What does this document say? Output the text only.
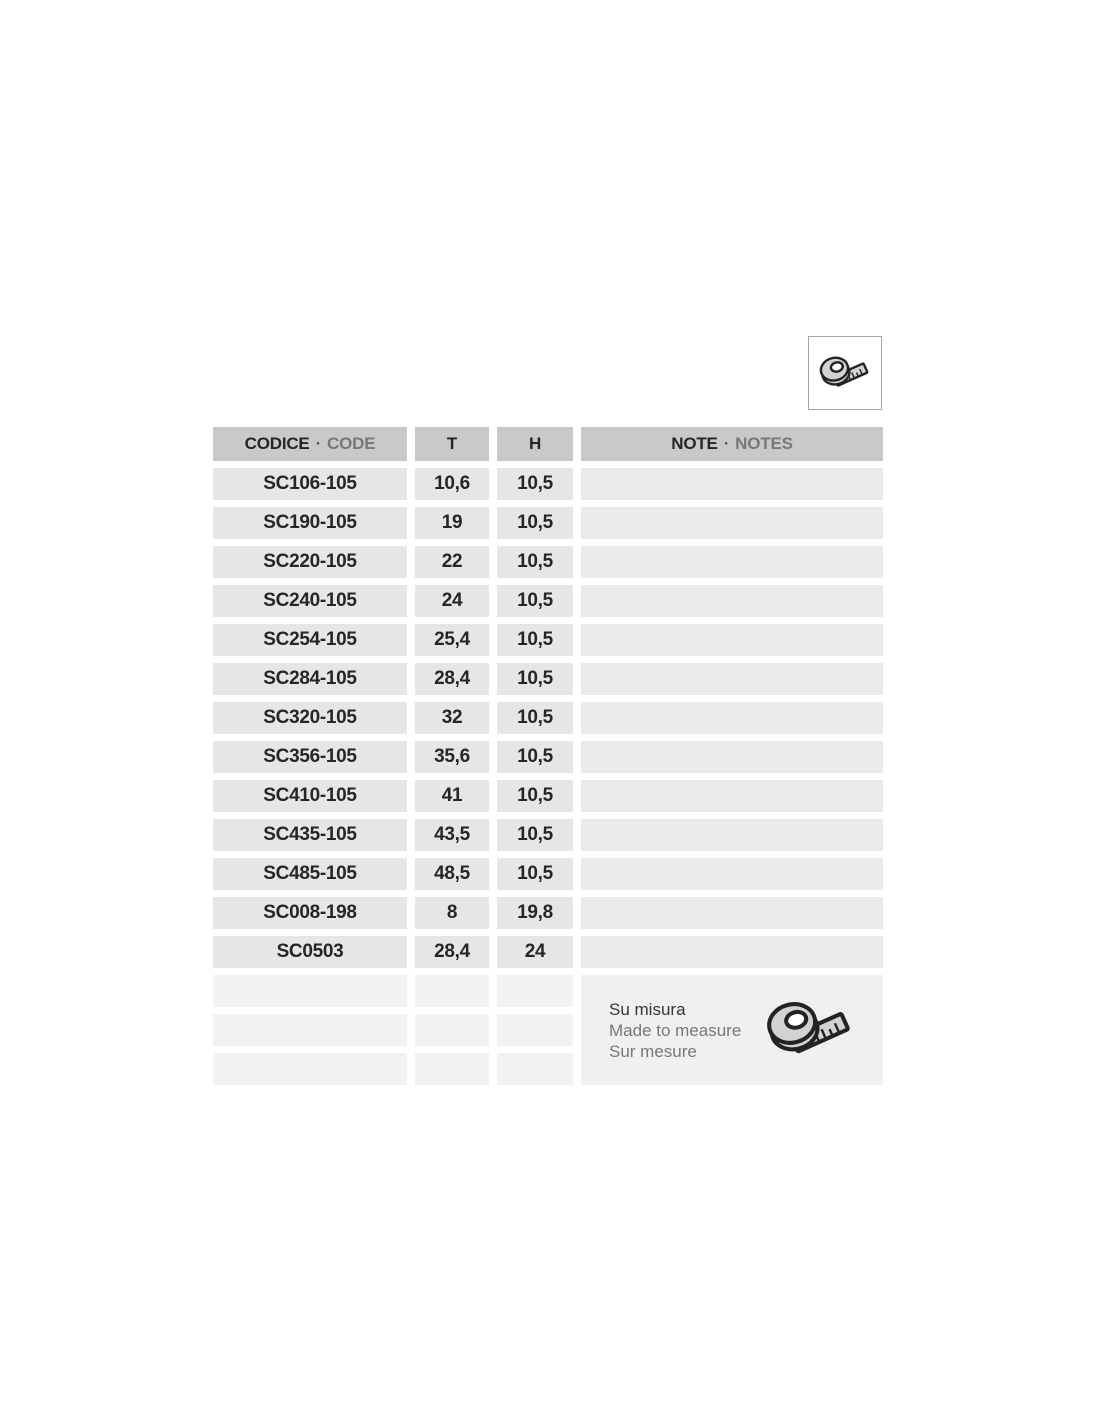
CODICE · CODE	T	H	NOTE · NOTES
SC106-105	10,6	10,5
SC190-105	19	10,5
SC220-105	22	10,5
SC240-105	24	10,5
SC254-105	25,4	10,5
SC284-105	28,4	10,5
SC320-105	32	10,5
SC356-105	35,6	10,5
SC410-105	41	10,5
SC435-105	43,5	10,5
SC485-105	48,5	10,5
SC008-198	8	19,8
SC0503	28,4	24
Su misura
Made to measure
Sur mesure
